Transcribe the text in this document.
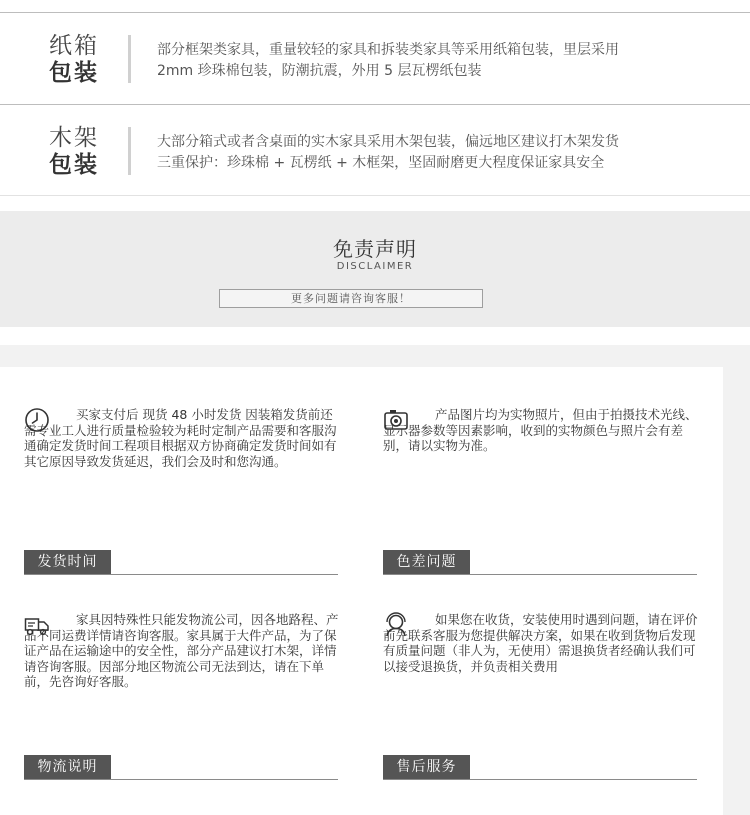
纸箱
包装
部分框架类家具，重量较轻的家具和拆装类家具等采用纸箱包装，里层采用
2mm 珍珠棉包装，防潮抗震，外用 5 层瓦楞纸包装
木架
包装
大部分箱式或者含桌面的实木家具采用木架包装，偏远地区建议打木架发货
三重保护：珍珠棉 + 瓦楞纸 + 木框架，坚固耐磨更大程度保证家具安全
免责声明
DISCLAIMER
更多问题请咨询客服！
买家支付后 现货 48 小时发货 因装箱发货前还需专业工人进行质量检验较为耗时定制产品需要和客服沟通确定发货时间工程项目根据双方协商确定发货时间如有其它原因导致发货延迟，我们会及时和您沟通。
发货时间
产品图片均为实物照片，但由于拍摄技术光线、显示器参数等因素影响，收到的实物颜色与照片会有差别，请以实物为准。
色差问题
家具因特殊性只能发物流公司，因各地路程、产品不同运费详情请咨询客服。家具属于大件产品，为了保证产品在运输途中的安全性，部分产品建议打木架，详情请咨询客服。因部分地区物流公司无法到达，请在下单前，先咨询好客服。
物流说明
如果您在收货，安装使用时遇到问题，请在评价前先联系客服为您提供解决方案，如果在收到货物后发现有质量问题（非人为，无使用）需退换货者经确认我们可以接受退换货，并负责相关费用
售后服务
